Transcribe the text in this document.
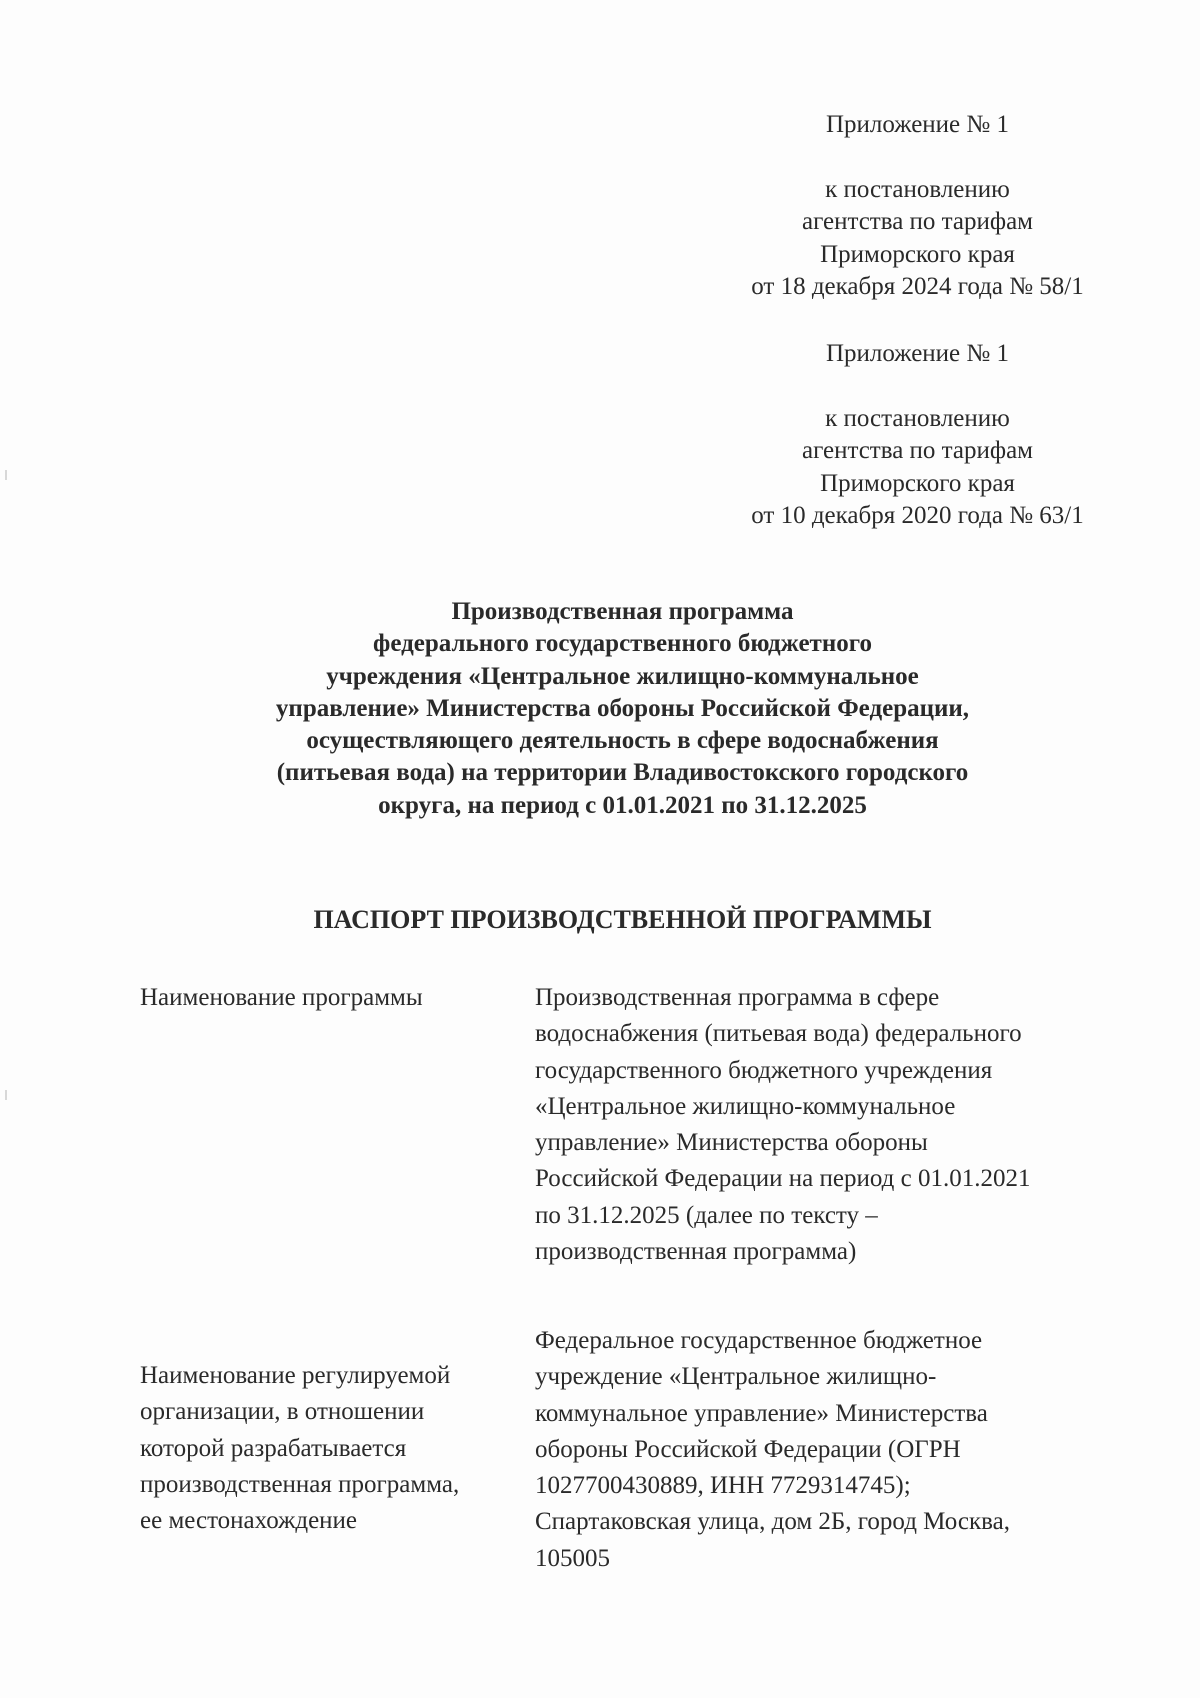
Приложение № 1
к постановлению
агентства по тарифам
Приморского края
от 18 декабря 2024 года № 58/1
Приложение № 1
к постановлению
агентства по тарифам
Приморского края
от 10 декабря 2020 года № 63/1
Производственная программа
федерального государственного бюджетного
учреждения «Центральное жилищно-коммунальное
управление» Министерства обороны Российской Федерации,
осуществляющего деятельность в сфере водоснабжения
(питьевая вода) на территории Владивостокского городского
округа, на период с 01.01.2021 по 31.12.2025
ПАСПОРТ ПРОИЗВОДСТВЕННОЙ ПРОГРАММЫ
Наименование программы	Производственная программа в сфере
водоснабжения (питьевая вода) федерального
государственного бюджетного учреждения
«Центральное жилищно-коммунальное
управление» Министерства обороны
Российской Федерации на период с 01.01.2021
по 31.12.2025 (далее по тексту –
производственная программа)
Наименование регулируемой
организации, в отношении
которой разрабатывается
производственная программа,
ее местонахождение
Федеральное государственное бюджетное
учреждение «Центральное жилищно-
коммунальное управление» Министерства
обороны Российской Федерации (ОГРН
1027700430889, ИНН 7729314745);
Спартаковская улица, дом 2Б, город Москва,
105005
